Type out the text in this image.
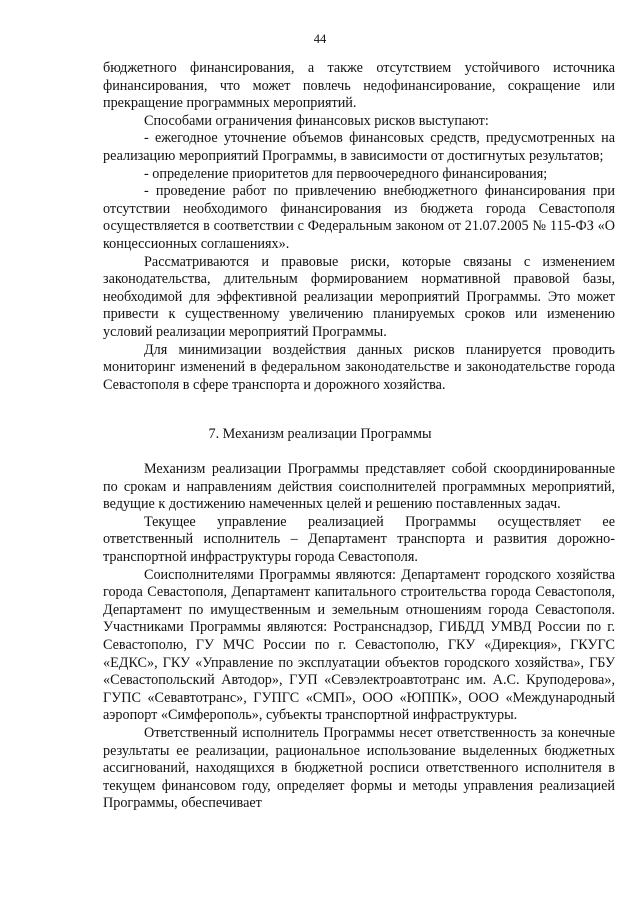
44

бюджетного финансирования, а также отсутствием устойчивого источника финансирования, что может повлечь недофинансирование, сокращение или прекращение программных мероприятий.

Способами ограничения финансовых рисков выступают:

- ежегодное уточнение объемов финансовых средств, предусмотренных на реализацию мероприятий Программы, в зависимости от достигнутых результатов;

- определение приоритетов для первоочередного финансирования;

- проведение работ по привлечению внебюджетного финансирования при отсутствии необходимого финансирования из бюджета города Севастополя осуществляется в соответствии с Федеральным законом от 21.07.2005 № 115-ФЗ «О концессионных соглашениях».

Рассматриваются и правовые риски, которые связаны с изменением законодательства, длительным формированием нормативной правовой базы, необходимой для эффективной реализации мероприятий Программы. Это может привести к существенному увеличению планируемых сроков или изменению условий реализации мероприятий Программы.

Для минимизации воздействия данных рисков планируется проводить мониторинг изменений в федеральном законодательстве и законодательстве города Севастополя в сфере транспорта и дорожного хозяйства.

7. Механизм реализации Программы

Механизм реализации Программы представляет собой скоординированные по срокам и направлениям действия соисполнителей программных мероприятий, ведущие к достижению намеченных целей и решению поставленных задач.

Текущее управление реализацией Программы осуществляет ее ответственный исполнитель – Департамент транспорта и развития дорожно-транспортной инфраструктуры города Севастополя.

Соисполнителями Программы являются: Департамент городского хозяйства города Севастополя, Департамент капитального строительства города Севастополя, Департамент по имущественным и земельным отношениям города Севастополя. Участниками Программы являются: Ространснадзор, ГИБДД УМВД России по г. Севастополю, ГУ МЧС России по г. Севастополю, ГКУ «Дирекция», ГКУГС «ЕДКС», ГКУ «Управление по эксплуатации объектов городского хозяйства», ГБУ «Севастопольский Автодор», ГУП «Севэлектроавтотранс им. А.С. Круподерова», ГУПС «Севавтотранс», ГУПГС «СМП», ООО «ЮППК», ООО «Международный аэропорт «Симферополь», субъекты транспортной инфраструктуры.

Ответственный исполнитель Программы несет ответственность за конечные результаты ее реализации, рациональное использование выделенных бюджетных ассигнований, находящихся в бюджетной росписи ответственного исполнителя в текущем финансовом году, определяет формы и методы управления реализацией Программы, обеспечивает
